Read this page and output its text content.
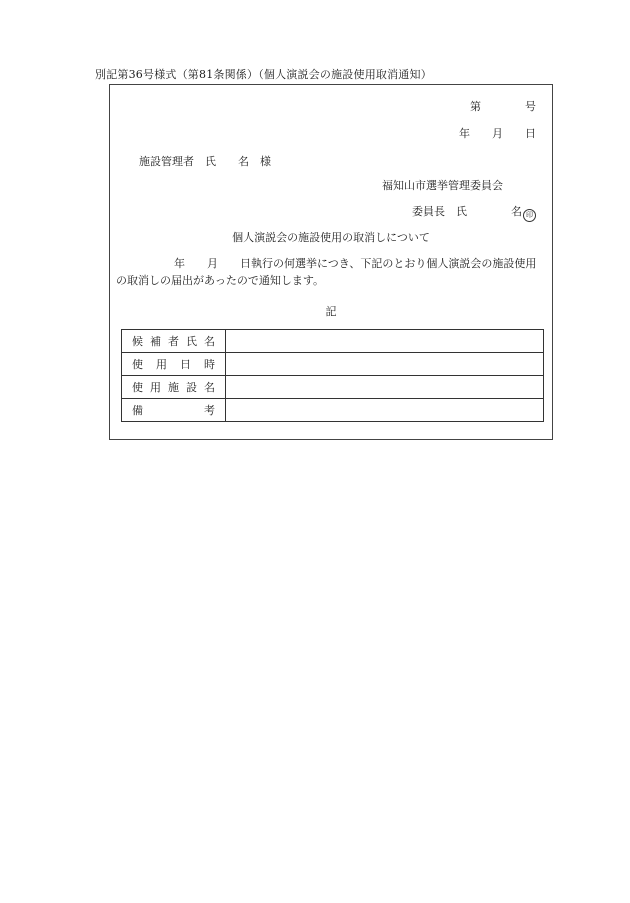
別記第36号様式（第81条関係）（個人演説会の施設使用取消通知）
第　　　　号
年　　月　　日
施設管理者　氏　　名　様
福知山市選挙管理委員会
委員長　氏　　　　名 印
個人演説会の施設使用の取消しについて
年　　月　　日執行の何選挙につき、下記のとおり個人演説会の施設使用の取消しの届出があったので通知します。
記
候補者氏名	
使用日時	
使用施設名	
備考	
